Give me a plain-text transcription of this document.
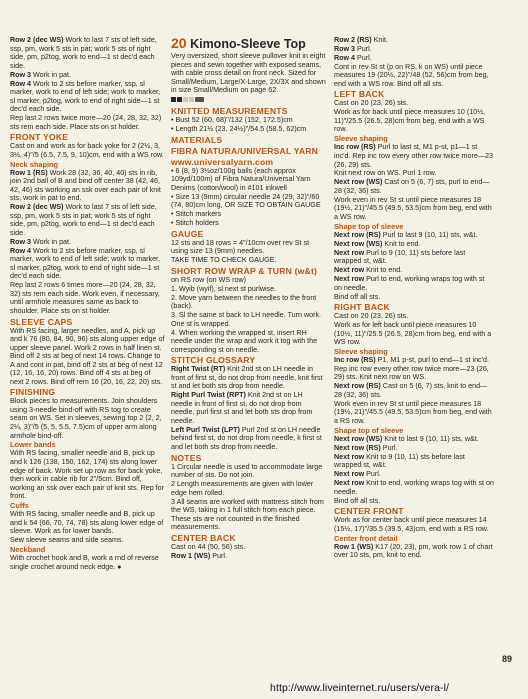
Row 2 (dec WS) Work to last 7 sts of left side, ssp, pm, work 5 sts in pat; work 5 sts of right side, pm, p2tog, work to end—1 st dec'd each side.
Row 3 Work in pat.
Row 4 Work to 2 sts before marker, ssp, sl marker, work to end of left side; work to marker, sl marker, p2tog, work to end of right side—1 st dec'd each side.
Rep last 2 rows twice more—20 (24, 28, 32, 32) sts rem each side. Place sts on st holder.
FRONT YOKE
Cast on and work as for back yoke for 2 (2½, 3, 3½, 4)"/5 (6.5, 7.5, 9, 10)cm, end with a WS row.
Neck shaping
Row 1 (RS) Work 28 (32, 36, 40, 40) sts in rib, join 2nd ball of B and bind off center 38 (42, 46, 42, 46) sts working an ssk over each pair of knit sts, work in pat to end.
Row 2 (dec WS) Work to last 7 sts of left side, ssp, pm, work 5 sts in pat; work 5 sts of right side, pm, p2tog, work to end—1 st dec'd each side.
Row 3 Work in pat.
Row 4 Work to 2 sts before marker, ssp, sl marker, work to end of left side; work to marker, sl marker, p2tog, work to end of right side—1 st dec'd each side.
Rep last 2 rows 6 times more—20 (24, 28, 32, 32) sts rem each side. Work even, if necessary, until armhole measures same as back to shoulder. Place sts on st holder.
SLEEVE CAPS
With RS facing, larger needles, and A, pick up and k 76 (80, 84, 90, 96) sts along upper edge of upper sleeve panel. Work 2 rows in half linen st. Bind off 2 sts at beg of next 14 rows. Change to A and cont in pat, bind off 2 sts at beg of next 12 (12, 16, 16, 20) rows. Bind off 4 sts at beg of next 2 rows. Bind off rem 16 (20, 16, 22, 20) sts.
FINISHING
Block pieces to measurements. Join shoulders using 3-needle bind-off with RS tog to create seam on WS. Set in sleeves, sewing top 2 (2, 2, 2¼, 3)"/5 (5, 5, 5.5, 7.5)cm of upper arm along armhole bind-off.
Lower bands
With RS facing, smaller needle and B, pick up and k 126 (138, 150, 162, 174) sts along lower edge of back. Work set up row as for back yoke, then work in cable rib for 2"/5cm. Bind off, working an ssk over each pair of knit sts. Rep for front.
Cuffs
With RS facing, smaller needle and B, pick up and k 54 (66, 70, 74, 78) sts along lower edge of sleeve. Work as for lower bands.
Sew sleeve seams and side seams.
Neckband
With crochet hook and B, work a rnd of reverse single crochet around neck edge. ●
20 Kimono-Sleeve Top
Very oversized, short sleeve pullover knit in eight pieces and sewn together with exposed seams, with cable cross detail on front neck. Sized for Small/Medium, Large/X-Large, 2X/3X and shown in size Small/Medium on page 62.
KNITTED MEASUREMENTS
• Bust 52 (60, 68)"/132 (152, 172.5)cm
• Length 21½ (23, 24½)"/54.5 (58.5, 62)cm
MATERIALS
FIBRA NATURA/UNIVERSAL YARN
www.universalyarn.com
• 6 (8, 9) 3½oz/100g balls (each approx 109yd/100m) of Fibra Natura/Universal Yarn Denims (cotton/wool) in #101 inkwell
• Size 13 (9mm) circular needle 24 (29, 32)"/60 (74, 80)cm long, OR SIZE TO OBTAIN GAUGE
• Stitch markers
• Stitch holders
GAUGE
12 sts and 18 rows = 4"/10cm over rev St st using size 13 (9mm) needles.
TAKE TIME TO CHECK GAUGE.
SHORT ROW WRAP & TURN (w&t)
on RS row (on WS row)
1. Wyib (wyif), sl next st purlwise.
2. Move yarn between the needles to the front (back).
3. Sl the same st back to LH needle. Turn work. One st is wrapped.
4. When working the wrapped st, insert RH needle under the wrap and work it tog with the corresponding st on needle.
STITCH GLOSSARY
Right Twist (RT) Knit 2nd st on LH needle in front of first st, do not drop from needle, knit first st and let both sts drop from needle.
Right Purl Twist (RPT) Knit 2nd st on LH needle in front of first st, do not drop from needle, purl first st and let both sts drop from needle.
Left Purl Twist (LPT) Purl 2nd st on LH needle behind first st, do not drop from needle, k first st and let both sts drop from needle.
NOTES
1 Circular needle is used to accommodate large number of sts. Do not join.
2 Length measurements are given with lower edge hem rolled.
3 All seams are worked with mattress stitch from the WS, taking in 1 full stitch from each piece. These sts are not counted in the finished measurements.
CENTER BACK
Cast on 44 (50, 56) sts.
Row 1 (WS) Purl.
Row 2 (RS) Knit.
Row 3 Purl.
Row 4 Purl.
Cont in rev St st (p on RS, k on WS) until piece measures 19 (20½, 22)"/48 (52, 56)cm from beg, end with a WS row. Bind off all sts.
LEFT BACK
Cast on 20 (23, 26) sts.
Work as for back until piece measures 10 (10½, 11)"/25.5 (26.5, 28)cm from beg, end with a WS row.
Sleeve shaping
Inc row (RS) Purl to last st, M1 p-st, p1—1 st inc'd. Rep inc row every other row twice more—23 (26, 29) sts.
Knit next row on WS. Purl 1 row.
Next row (WS) Cast on 5 (6, 7) sts, purl to end—28 (32, 36) sts.
Work even in rev St st until piece measures 18 (19½, 21)"/45.5 (49.5, 53.5)cm from beg, end with a WS row.
Shape top of sleeve
Next row (RS) Purl to last 9 (10, 11) sts, w&t.
Next row (WS) Knit to end.
Next row Purl to 9 (10, 11) sts before last wrapped st, w&t.
Next row Knit to end.
Next row Purl to end, working wraps tog with st on needle.
Bind off all sts.
RIGHT BACK
Cast on 20 (23, 26) sts.
Work as for left back until piece measures 10 (10½, 11)"/25.5 (26.5, 28)cm from beg, end with a WS row.
Sleeve shaping
Inc row (RS) P1, M1 p-st, purl to end—1 st inc'd. Rep inc row every other row twice more—23 (26, 29) sts. Knit next row on WS.
Next row (RS) Cast on 5 (6, 7) sts, knit to end—28 (32, 36) sts.
Work even in rev St st until piece measures 18 (19½, 21)"/45.5 (49.5, 53.5)cm from beg, end with a RS row.
Shape top of sleeve
Next row (WS) Knit to last 9 (10, 11) sts, w&t.
Next row (RS) Purl.
Next row Knit to 9 (10, 11) sts before last wrapped st, w&t.
Next row Purl.
Next row Knit to end, working wraps tog with st on needle.
Bind off all sts.
CENTER FRONT
Work as for center back until piece measures 14 (15½, 17)"/35.5 (39.5, 43)cm, end with a RS row.
Center front detail
Row 1 (WS) K17 (20, 23), pm, work row 1 of chart over 10 sts, pm, knit to end.
89
http://www.liveinternet.ru/users/vera-l/
